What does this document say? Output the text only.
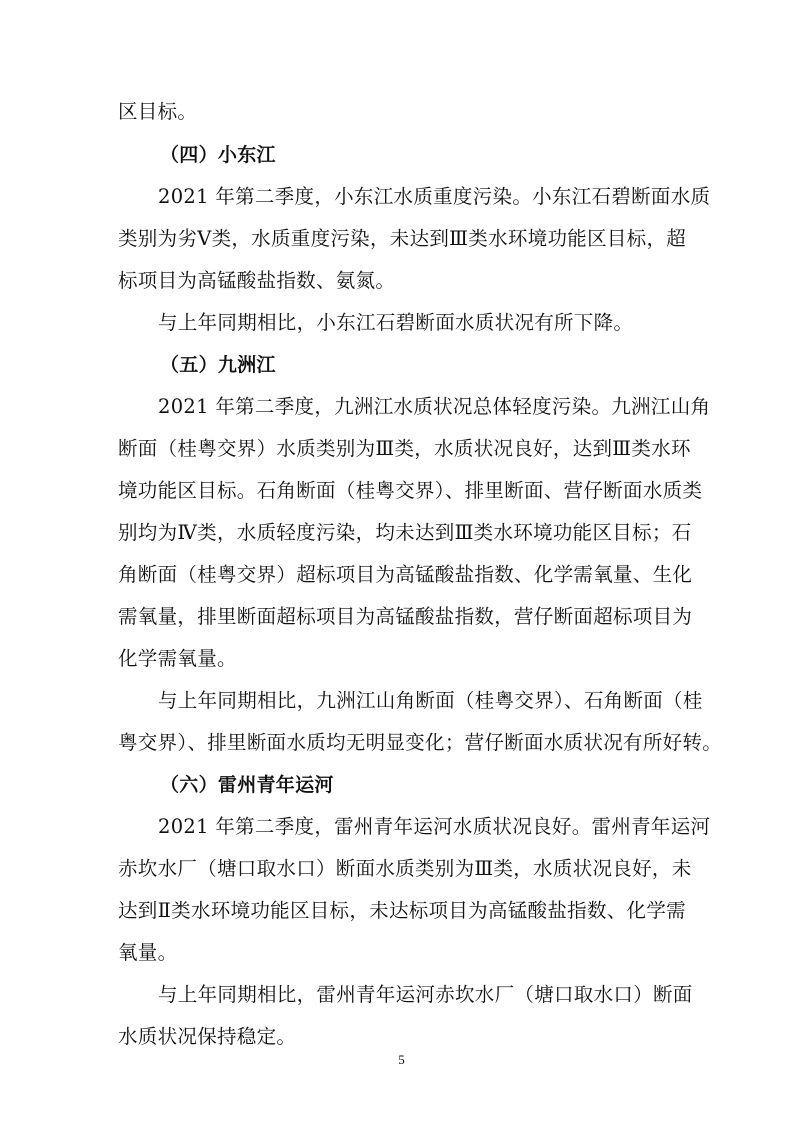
区目标。
（四）小东江
2021 年第二季度，小东江水质重度污染。小东江石碧断面水质
类别为劣Ⅴ类，水质重度污染，未达到Ⅲ类水环境功能区目标，超
标项目为高锰酸盐指数、氨氮。
与上年同期相比，小东江石碧断面水质状况有所下降。
（五）九洲江
2021 年第二季度，九洲江水质状况总体轻度污染。九洲江山角
断面（桂粤交界）水质类别为Ⅲ类，水质状况良好，达到Ⅲ类水环
境功能区目标。石角断面（桂粤交界）、排里断面、营仔断面水质类
别均为Ⅳ类，水质轻度污染，均未达到Ⅲ类水环境功能区目标；石
角断面（桂粤交界）超标项目为高锰酸盐指数、化学需氧量、生化
需氧量，排里断面超标项目为高锰酸盐指数，营仔断面超标项目为
化学需氧量。
与上年同期相比，九洲江山角断面（桂粤交界）、石角断面（桂
粤交界）、排里断面水质均无明显变化；营仔断面水质状况有所好转。
（六）雷州青年运河
2021 年第二季度，雷州青年运河水质状况良好。雷州青年运河
赤坎水厂（塘口取水口）断面水质类别为Ⅲ类，水质状况良好，未
达到Ⅱ类水环境功能区目标，未达标项目为高锰酸盐指数、化学需
氧量。
与上年同期相比，雷州青年运河赤坎水厂（塘口取水口）断面
水质状况保持稳定。
5
